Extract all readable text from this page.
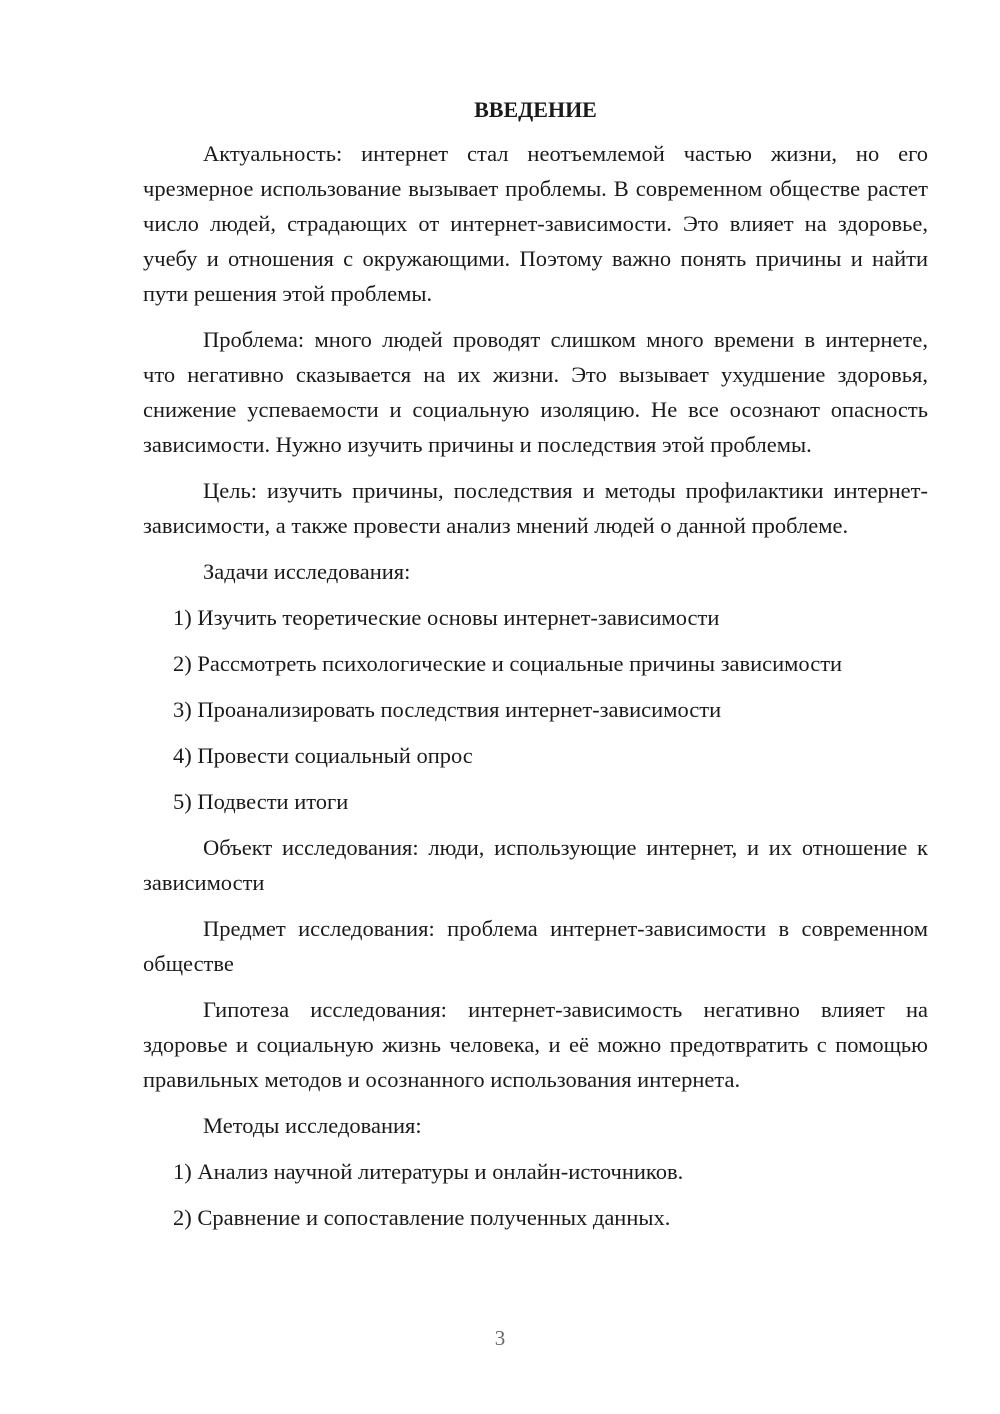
ВВЕДЕНИЕ

Актуальность: интернет стал неотъемлемой частью жизни, но его чрезмерное использование вызывает проблемы. В современном обществе растет число людей, страдающих от интернет-зависимости. Это влияет на здоровье, учебу и отношения с окружающими. Поэтому важно понять причины и найти пути решения этой проблемы.

Проблема: много людей проводят слишком много времени в интернете, что негативно сказывается на их жизни. Это вызывает ухудшение здоровья, снижение успеваемости и социальную изоляцию. Не все осознают опасность зависимости. Нужно изучить причины и последствия этой проблемы.

Цель: изучить причины, последствия и методы профилактики интернет-зависимости, а также провести анализ мнений людей о данной проблеме.

Задачи исследования:

1) Изучить теоретические основы интернет-зависимости
2) Рассмотреть психологические и социальные причины зависимости
3) Проанализировать последствия интернет-зависимости
4) Провести социальный опрос
5) Подвести итоги

Объект исследования: люди, использующие интернет, и их отношение к зависимости

Предмет исследования: проблема интернет-зависимости в современном обществе

Гипотеза исследования: интернет-зависимость негативно влияет на здоровье и социальную жизнь человека, и её можно предотвратить с помощью правильных методов и осознанного использования интернета.

Методы исследования:

1) Анализ научной литературы и онлайн-источников.
2) Сравнение и сопоставление полученных данных.
3
